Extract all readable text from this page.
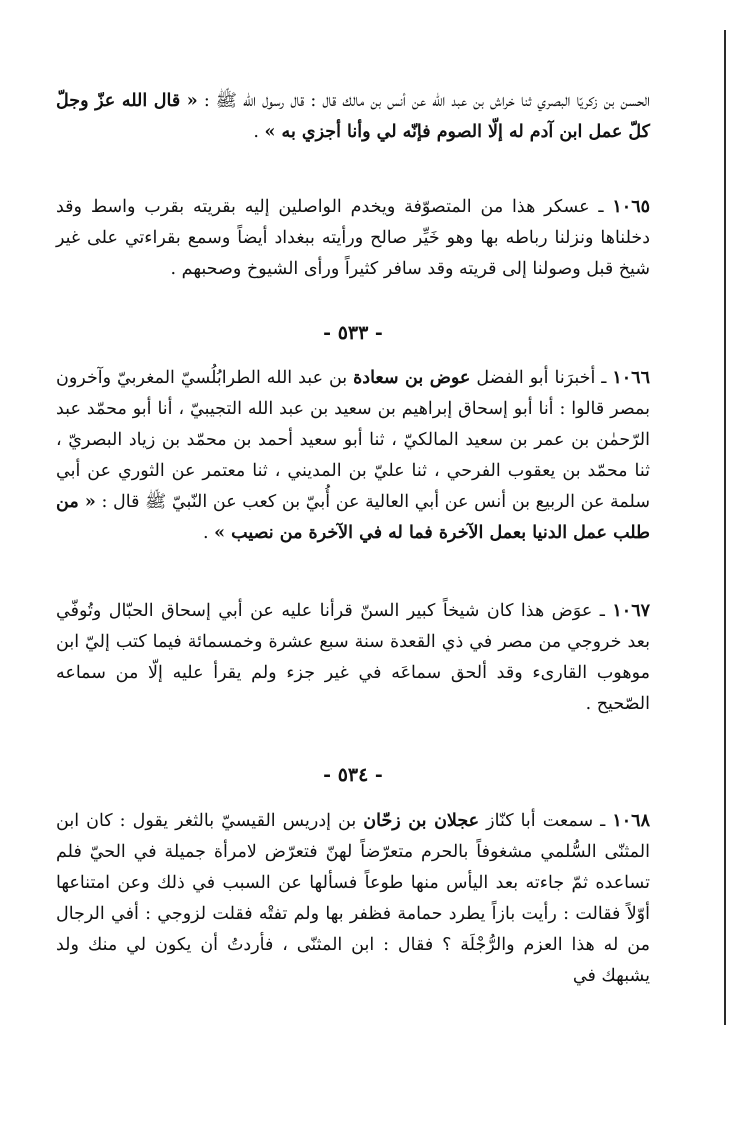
الحسن بن زكريّا البصري ثنا خراش بن عبد الله عن أنس بن مالك قال : قال رسول الله ﷺ : « قال الله عزّ وجلّ كلّ عمل ابن آدم له إلّا الصوم فإنّه لي وأنا أجزي به » .
١٠٦٥ ـ عسكر هذا من المتصوّفة ويخدم الواصلين إليه بقريته بقرب واسط وقد دخلناها ونزلنا رباطه بها وهو خَيِّر صالح ورأيته ببغداد أيضاً وسمع بقراءتي على غير شيخ قبل وصولنا إلى قريته وقد سافر كثيراً ورأى الشيوخ وصحبهم .
- ٥٣٣ -
١٠٦٦ ـ أخبرَنا أبو الفضل عوض بن سعادة بن عبد الله الطرابُلُسيّ المغربيّ وآخرون بمصر قالوا : أنا أبو إسحاق إبراهيم بن سعيد بن عبد الله التجيبيّ ، أنا أبو محمّد عبد الرّحمٰن بن عمر بن سعيد المالكيّ ، ثنا أبو سعيد أحمد بن محمّد بن زياد البصريّ ، ثنا محمّد بن يعقوب الفرحي ، ثنا عليّ بن المديني ، ثنا معتمر عن الثوري عن أبي سلمة عن الربيع بن أنس عن أبي العالية عن أُبيّ بن كعب عن النّبيّ ﷺ قال : « من طلب عمل الدنيا بعمل الآخرة فما له في الآخرة من نصيب » .
١٠٦٧ ـ عوَض هذا كان شيخاً كبير السنّ قرأنا عليه عن أبي إسحاق الحبّال وتُوفّي بعد خروجي من مصر في ذي القعدة سنة سبع عشرة وخمسمائة فيما كتب إليّ ابن موهوب القارىء وقد ألحق سماعَه في غير جزء ولم يقرأ عليه إلّا من سماعه الصّحيح .
- ٥٣٤ -
١٠٦٨ ـ سمعت أبا كنّاز عجلان بن زحّان بن إدريس القيسيّ بالثغر يقول : كان ابن المثنّى السُّلمي مشغوفاً بالحرم متعرّضاً لهنّ فتعرّض لامرأة جميلة في الحيّ فلم تساعده ثمّ جاءته بعد اليأس منها طوعاً فسألها عن السبب في ذلك وعن امتناعها أوّلاً فقالت : رأيت بازاً يطرد حمامة فظفر بها ولم تفتْه فقلت لزوجي : أفي الرجال من له هذا العزم والرُّجْلَة ؟ فقال : ابن المثنّى ، فأردتُ أن يكون لي منك ولد يشبهك في
